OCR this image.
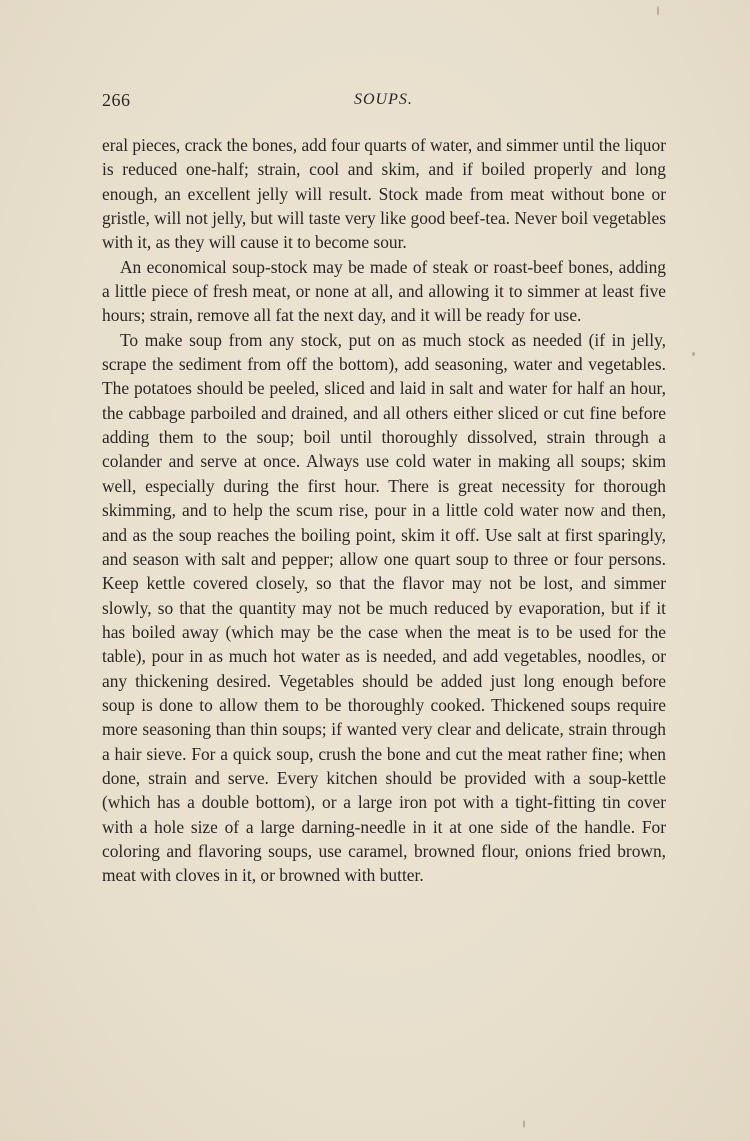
266	SOUPS.

eral pieces, crack the bones, add four quarts of water, and simmer until the liquor is reduced one-half; strain, cool and skim, and if boiled properly and long enough, an excellent jelly will result. Stock made from meat without bone or gristle, will not jelly, but will taste very like good beef-tea. Never boil vegetables with it, as they will cause it to become sour.

An economical soup-stock may be made of steak or roast-beef bones, adding a little piece of fresh meat, or none at all, and allowing it to simmer at least five hours; strain, remove all fat the next day, and it will be ready for use.

To make soup from any stock, put on as much stock as needed (if in jelly, scrape the sediment from off the bottom), add seasoning, water and vegetables. The potatoes should be peeled, sliced and laid in salt and water for half an hour, the cabbage parboiled and drained, and all others either sliced or cut fine before adding them to the soup; boil until thoroughly dissolved, strain through a colander and serve at once. Always use cold water in making all soups; skim well, especially during the first hour. There is great necessity for thorough skimming, and to help the scum rise, pour in a little cold water now and then, and as the soup reaches the boiling point, skim it off. Use salt at first sparingly, and season with salt and pepper; allow one quart soup to three or four persons. Keep kettle covered closely, so that the flavor may not be lost, and simmer slowly, so that the quantity may not be much reduced by evaporation, but if it has boiled away (which may be the case when the meat is to be used for the table), pour in as much hot water as is needed, and add vegetables, noodles, or any thickening desired. Vegetables should be added just long enough before soup is done to allow them to be thoroughly cooked. Thickened soups require more seasoning than thin soups; if wanted very clear and delicate, strain through a hair sieve. For a quick soup, crush the bone and cut the meat rather fine; when done, strain and serve. Every kitchen should be provided with a soup-kettle (which has a double bottom), or a large iron pot with a tight-fitting tin cover with a hole size of a large darning-needle in it at one side of the handle. For coloring and flavoring soups, use caramel, browned flour, onions fried brown, meat with cloves in it, or browned with butter.
